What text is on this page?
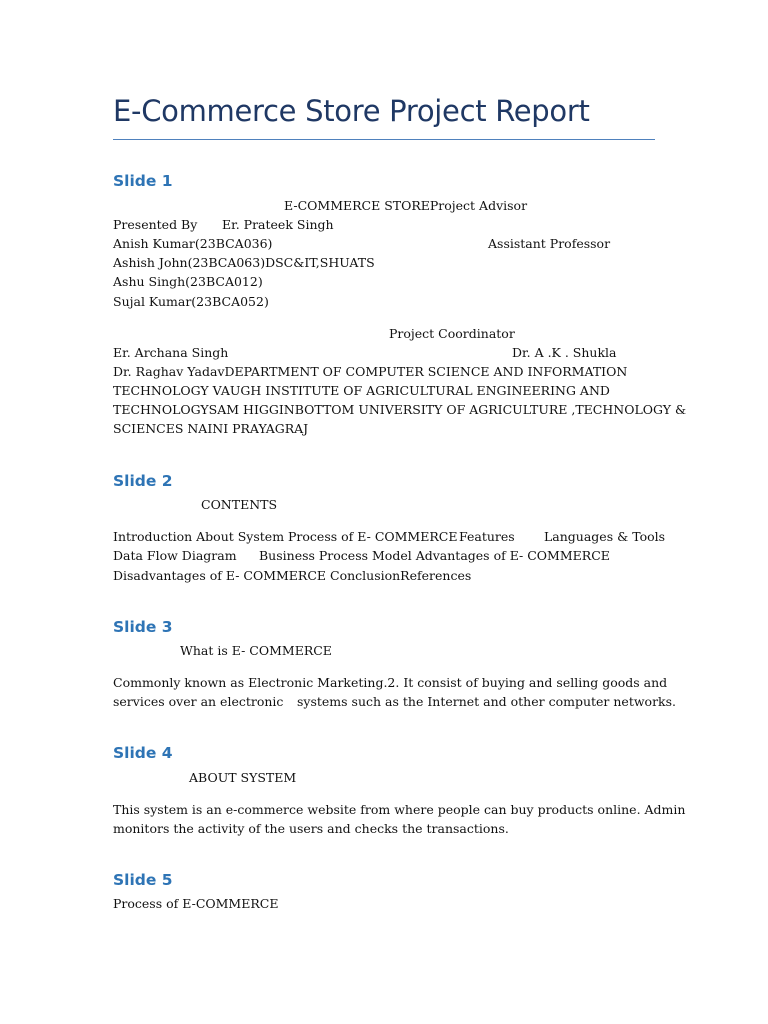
E-Commerce Store Project Report
Slide 1
E-COMMERCE STOREProject Advisor
Presented By Er. Prateek Singh
Anish Kumar(23BCA036)	Assistant Professor
Ashish John(23BCA063)DSC&IT,SHUATS
Ashu Singh(23BCA012)
Sujal Kumar(23BCA052)
Project Coordinator
Er. Archana Singh	Dr. A .K . Shukla
Dr. Raghav YadavDEPARTMENT OF COMPUTER SCIENCE AND INFORMATION
TECHNOLOGY VAUGH INSTITUTE OF AGRICULTURAL ENGINEERING AND
TECHNOLOGYSAM HIGGINBOTTOM UNIVERSITY OF AGRICULTURE ,TECHNOLOGY &
SCIENCES NAINI PRAYAGRAJ
Slide 2
CONTENTS
Introduction About System Process of E- COMMERCE Features Languages & Tools
Data Flow Diagram Business Process Model Advantages of E- COMMERCE
Disadvantages of E- COMMERCE ConclusionReferences
Slide 3
What is E- COMMERCE
Commonly known as Electronic Marketing.2. It consist of buying and selling goods and
services over an electronic systems such as the Internet and other computer networks.
Slide 4
ABOUT SYSTEM
This system is an e-commerce website from where people can buy products online. Admin
monitors the activity of the users and checks the transactions.
Slide 5
Process of E-COMMERCE
